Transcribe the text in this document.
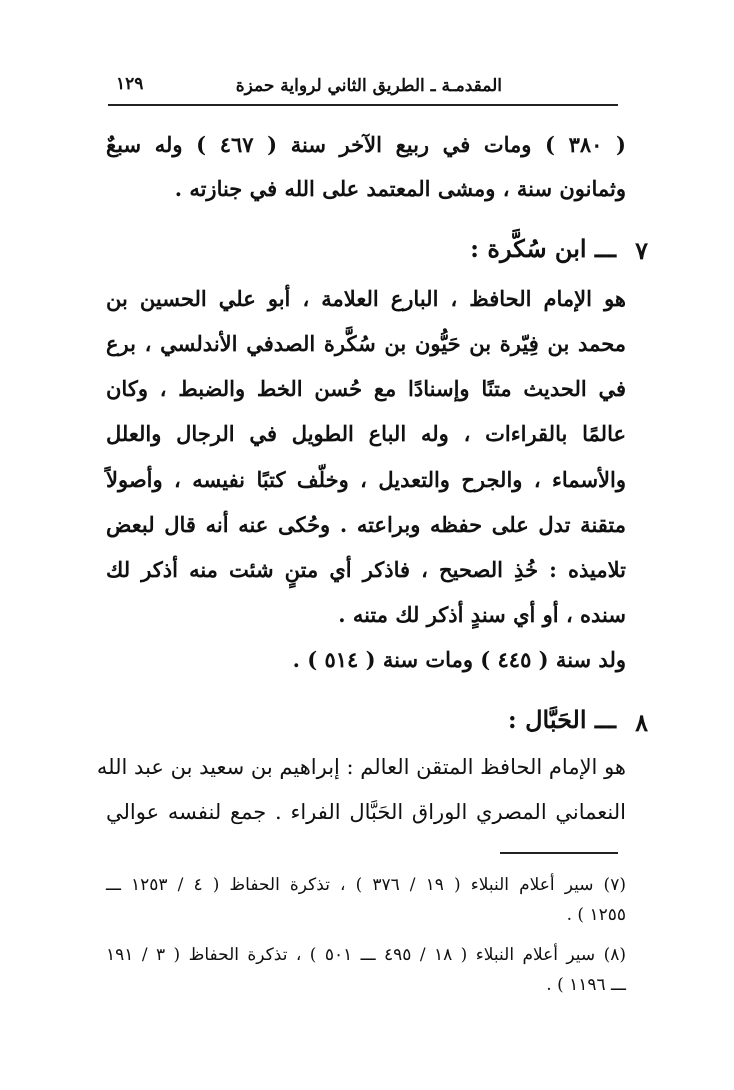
المقدمـة ـ الطريق الثاني لرواية حمزة
١٢٩
( ٣٨٠ ) ومات في ربيع الآخر سنة ( ٤٦٧ ) وله سبعٌ
وثمانون سنة ، ومشى المعتمد على الله في جنازته .
٧
ـــ ابن سُكَّرة :
هو الإمام الحافظ ، البارع العلامة ، أبو علي الحسين بن
محمد بن فِيّرة بن حَيُّون بن سُكَّرة الصدفي الأندلسي ، برع
في الحديث متنًا وإسنادًا مع حُسن الخط والضبط ، وكان
عالمًا بالقراءات ، وله الباع الطويل في الرجال والعلل
والأسماء ، والجرح والتعديل ، وخلّف كتبًا نفيسه ، وأصولاً
متقنة تدل على حفظه وبراعته . وحُكى عنه أنه قال لبعض
تلاميذه : خُذِ الصحيح ، فاذكر أي متنٍ شئت منه أذكر لك
سنده ، أو أي سندٍ أذكر لك متنه .
ولد سنة ( ٤٤٥ ) ومات سنة ( ٥١٤ ) .
٨
ـــ الحَبَّال :
هو الإمام الحافظ المتقن العالم : إبراهيم بن سعيد بن عبد الله
النعماني المصري الوراق الحَبَّال الفراء . جمع لنفسه عوالي
(٧) سير أعلام النبلاء ( ١٩ / ٣٧٦ ) ، تذكرة الحفاظ ( ٤ / ١٢٥٣ ـــ
١٢٥٥ ) .
(٨) سير أعلام النبلاء ( ١٨ / ٤٩٥ ـــ ٥٠١ ) ، تذكرة الحفاظ ( ٣ / ١٩١
ـــ ١١٩٦ ) .
